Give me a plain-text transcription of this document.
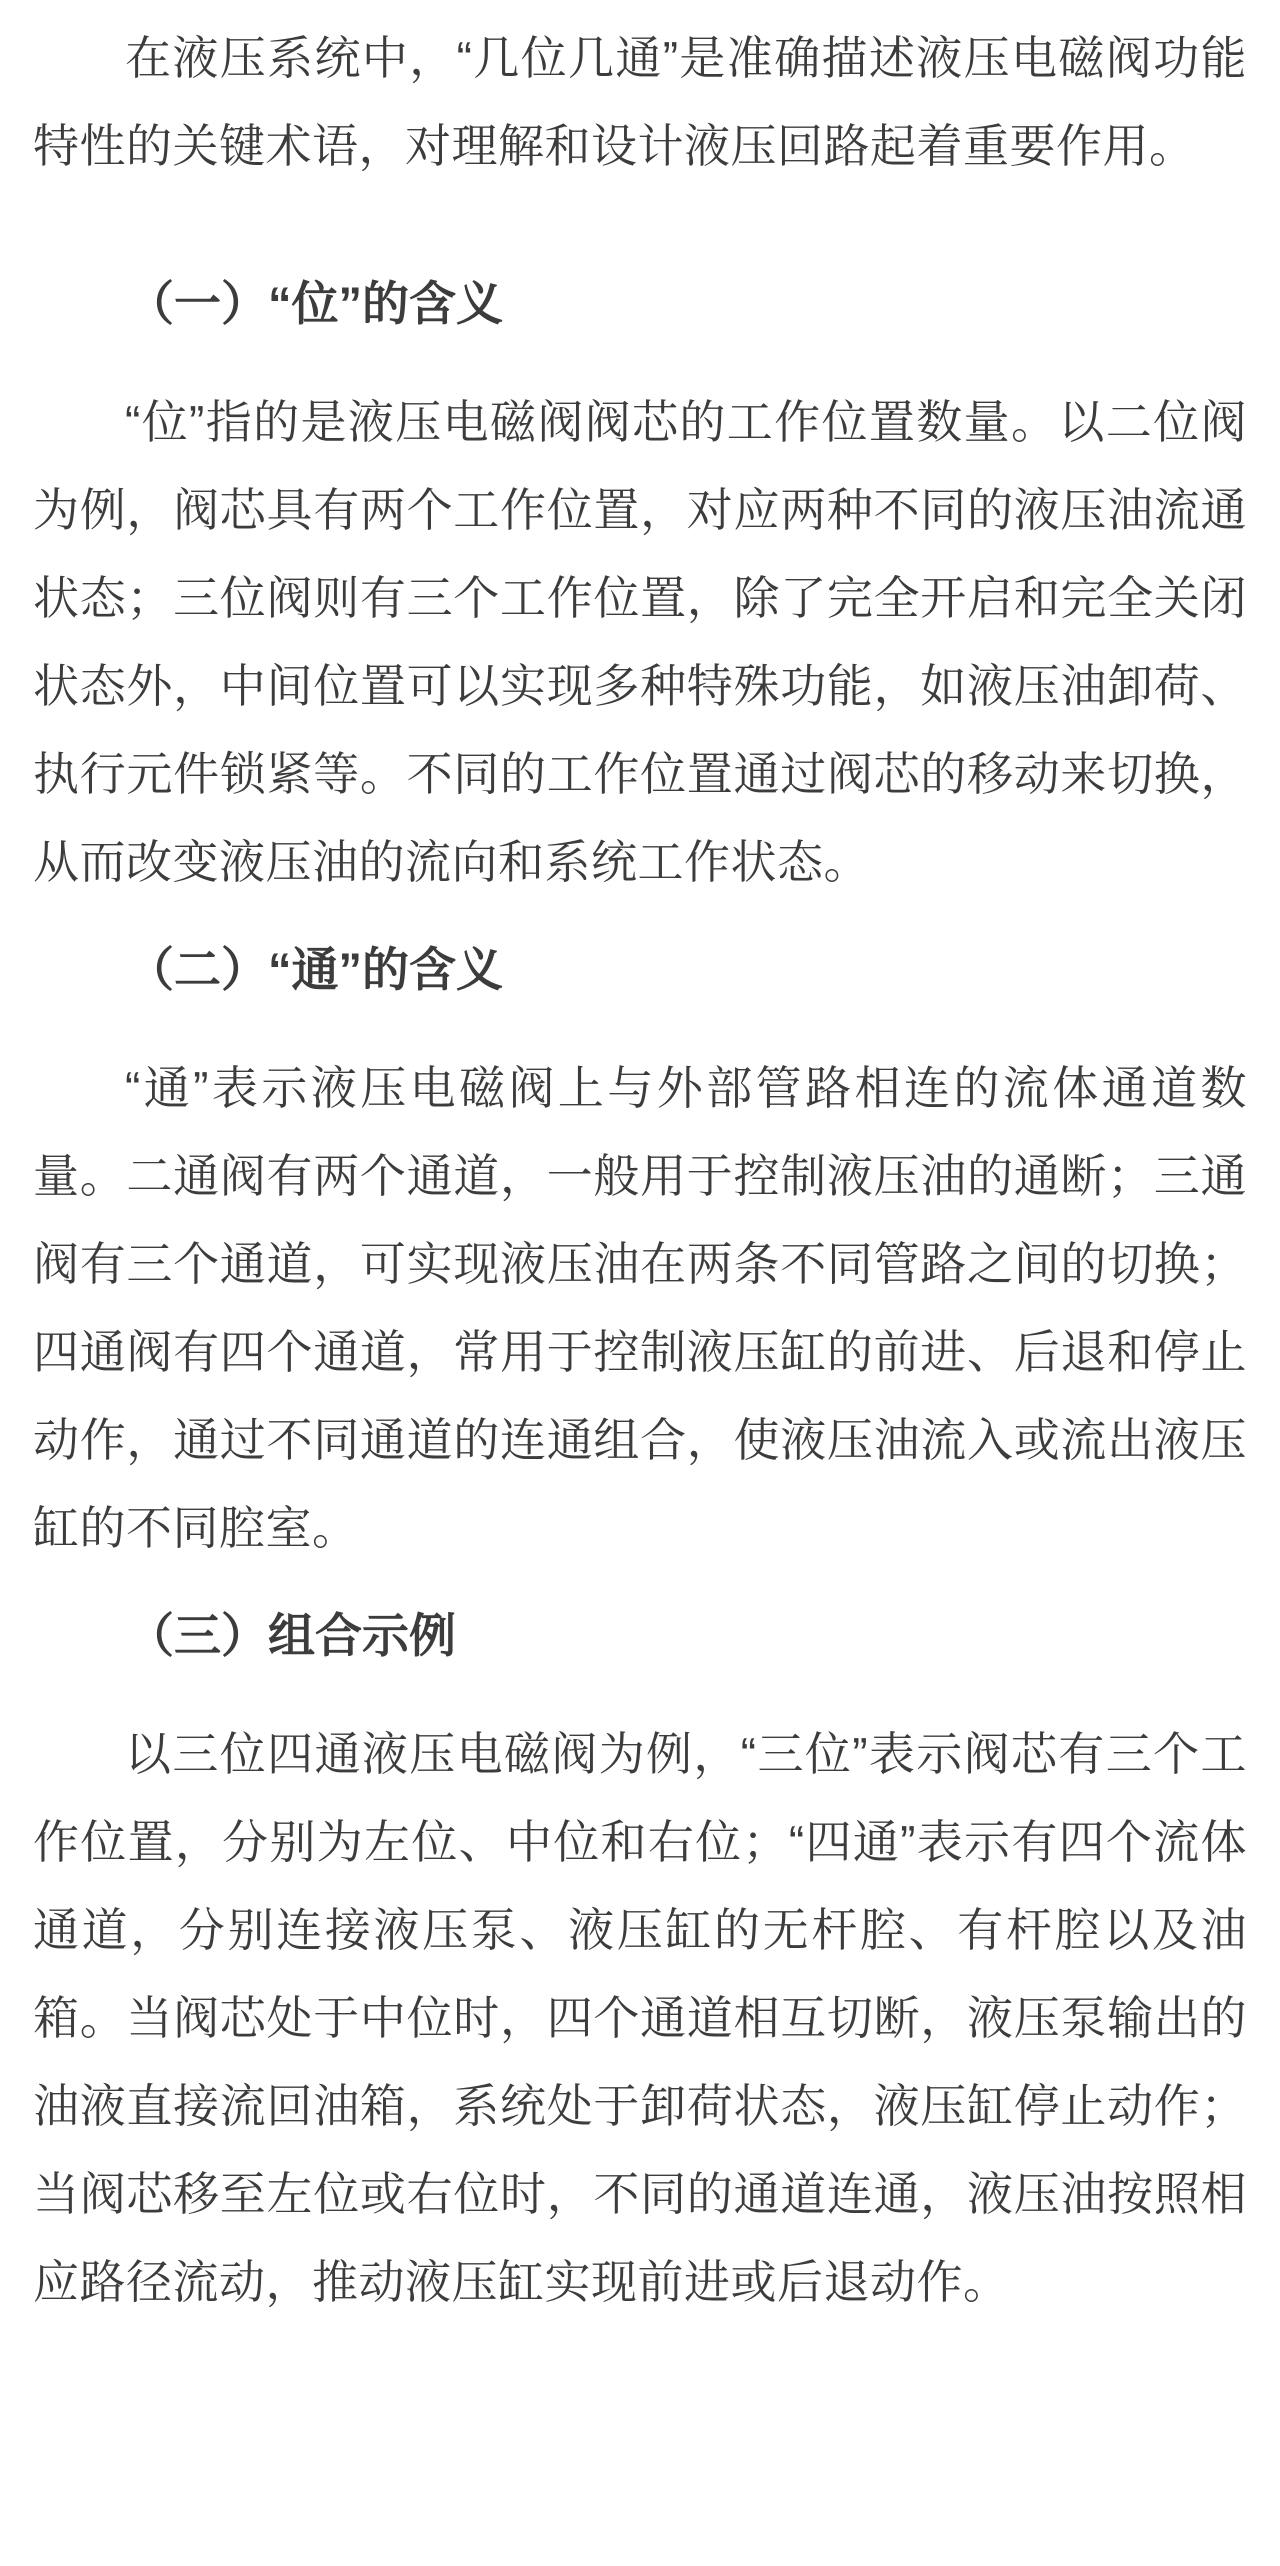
在液压系统中，“几位几通”是准确描述液压电磁阀功能特性的关键术语，对理解和设计液压回路起着重要作用。

（一）“位”的含义

“位”指的是液压电磁阀阀芯的工作位置数量。以二位阀为例，阀芯具有两个工作位置，对应两种不同的液压油流通状态；三位阀则有三个工作位置，除了完全开启和完全关闭状态外，中间位置可以实现多种特殊功能，如液压油卸荷、执行元件锁紧等。不同的工作位置通过阀芯的移动来切换，从而改变液压油的流向和系统工作状态。

（二）“通”的含义

“通”表示液压电磁阀上与外部管路相连的流体通道数量。二通阀有两个通道，一般用于控制液压油的通断；三通阀有三个通道，可实现液压油在两条不同管路之间的切换；四通阀有四个通道，常用于控制液压缸的前进、后退和停止动作，通过不同通道的连通组合，使液压油流入或流出液压缸的不同腔室。

（三）组合示例

以三位四通液压电磁阀为例，“三位”表示阀芯有三个工作位置，分别为左位、中位和右位；“四通”表示有四个流体通道，分别连接液压泵、液压缸的无杆腔、有杆腔以及油箱。当阀芯处于中位时，四个通道相互切断，液压泵输出的油液直接流回油箱，系统处于卸荷状态，液压缸停止动作；当阀芯移至左位或右位时，不同的通道连通，液压油按照相应路径流动，推动液压缸实现前进或后退动作。
